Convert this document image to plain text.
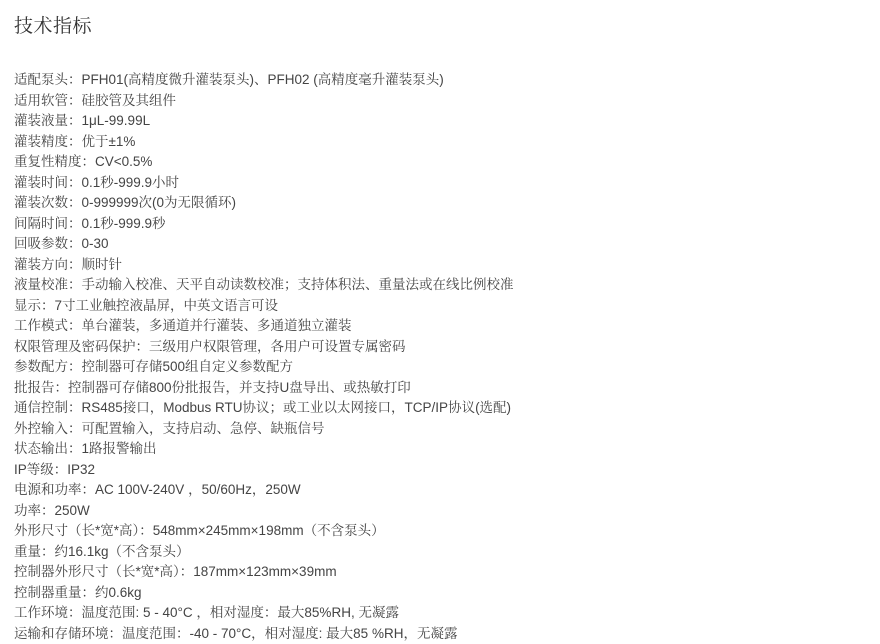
技术指标
适配泵头：PFH01(高精度微升灌装泵头)、PFH02 (高精度毫升灌装泵头)
适用软管：硅胶管及其组件
灌装液量：1μL-99.99L
灌装精度：优于±1%
重复性精度：CV<0.5%
灌装时间：0.1秒-999.9小时
灌装次数：0-999999次(0为无限循环)
间隔时间：0.1秒-999.9秒
回吸参数：0-30
灌装方向：顺时针
液量校准：手动输入校准、天平自动读数校准；支持体积法、重量法或在线比例校准
显示：7寸工业触控液晶屏，中英文语言可设
工作模式：单台灌装，多通道并行灌装、多通道独立灌装
权限管理及密码保护：三级用户权限管理，各用户可设置专属密码
参数配方：控制器可存储500组自定义参数配方
批报告：控制器可存储800份批报告，并支持U盘导出、或热敏打印
通信控制：RS485接口，Modbus RTU协议；或工业以太网接口，TCP/IP协议(选配)
外控输入：可配置输入，支持启动、急停、缺瓶信号
状态输出：1路报警输出
IP等级：IP32
电源和功率：AC 100V-240V ，50/60Hz，250W
功率：250W
外形尺寸（长*宽*高）：548mm×245mm×198mm（不含泵头）
重量：约16.1kg（不含泵头）
控制器外形尺寸（长*宽*高）：187mm×123mm×39mm
控制器重量：约0.6kg
工作环境：温度范围: 5 - 40°C ，相对湿度：最大85%RH, 无凝露
运输和存储环境：温度范围：-40 - 70°C，相对湿度: 最大85 %RH，无凝露
